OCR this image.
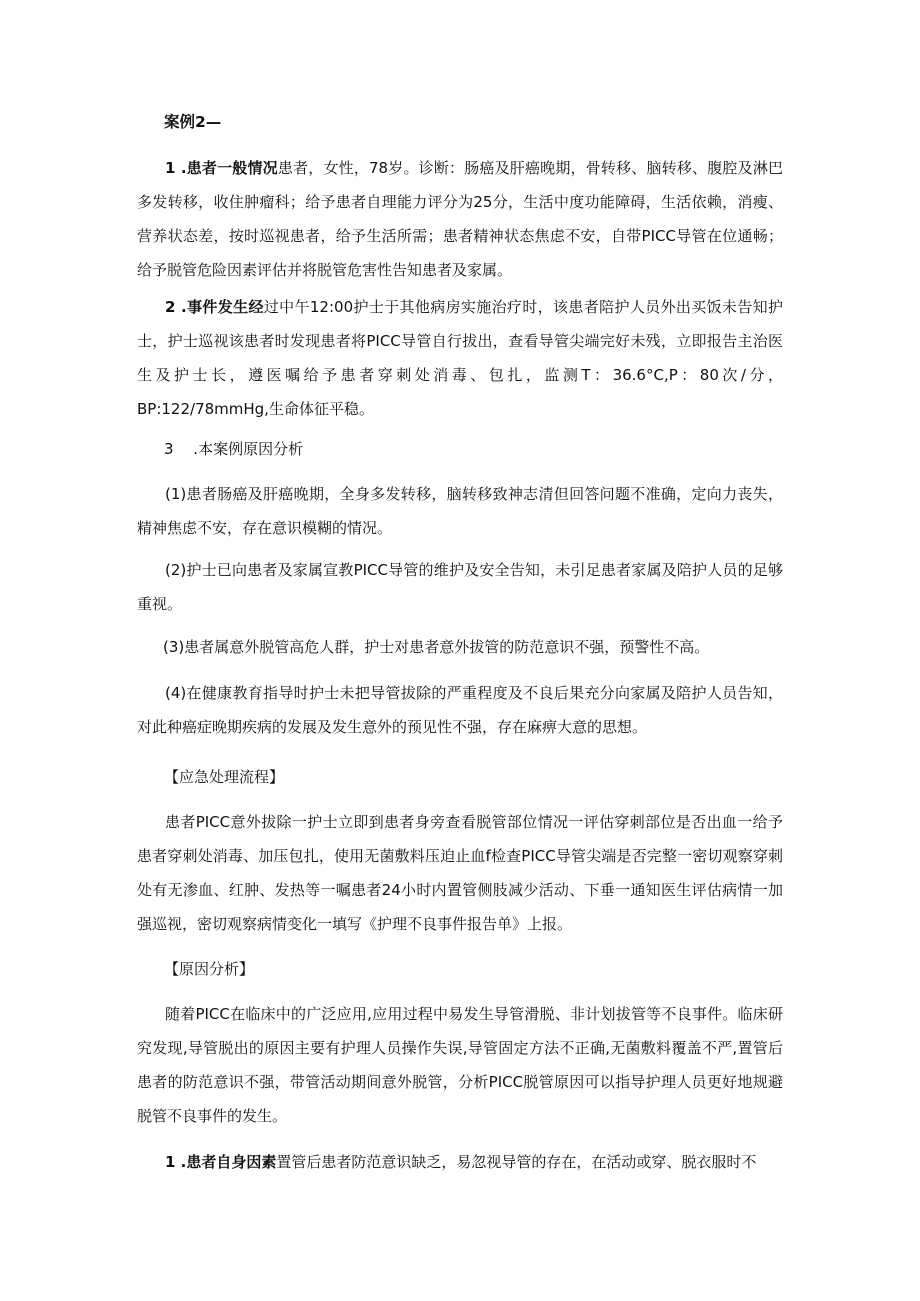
案例2—

1 .患者一般情况患者，女性，78岁。诊断：肠癌及肝癌晚期，骨转移、脑转移、腹腔及淋巴多发转移，收住肿瘤科；给予患者自理能力评分为25分，生活中度功能障碍，生活依赖，消瘦、营养状态差，按时巡视患者，给予生活所需；患者精神状态焦虑不安，自带PICC导管在位通畅；给予脱管危险因素评估并将脱管危害性告知患者及家属。

2 .事件发生经过中午12:00护士于其他病房实施治疗时，该患者陪护人员外出买饭未告知护士，护士巡视该患者时发现患者将PICC导管自行拔出，查看导管尖端完好未残，立即报告主治医生及护士长，遵医嘱给予患者穿刺处消毒、包扎，监测T：36.6°C,P：80次/分，BP:122/78mmHg,生命体征平稳。

3　 .本案例原因分析

(1)患者肠癌及肝癌晚期，全身多发转移，脑转移致神志清但回答问题不准确，定向力丧失，精神焦虑不安，存在意识模糊的情况。

(2)护士已向患者及家属宣教PICC导管的维护及安全告知，未引足患者家属及陪护人员的足够重视。

(3)患者属意外脱管高危人群，护士对患者意外拔管的防范意识不强，预警性不高。

(4)在健康教育指导时护士未把导管拔除的严重程度及不良后果充分向家属及陪护人员告知，对此种癌症晚期疾病的发展及发生意外的预见性不强，存在麻痹大意的思想。

【应急处理流程】

患者PICC意外拔除一护士立即到患者身旁查看脱管部位情况一评估穿刺部位是否出血一给予患者穿刺处消毒、加压包扎，使用无菌敷料压迫止血f检查PICC导管尖端是否完整一密切观察穿刺处有无渗血、红肿、发热等一嘱患者24小时内置管侧肢减少活动、下垂一通知医生评估病情一加强巡视，密切观察病情变化一填写《护理不良事件报告单》上报。

【原因分析】

随着PICC在临床中的广泛应用,应用过程中易发生导管滑脱、非计划拔管等不良事件。临床研究发现,导管脱出的原因主要有护理人员操作失误,导管固定方法不正确,无菌敷料覆盖不严,置管后患者的防范意识不强，带管活动期间意外脱管，分析PICC脱管原因可以指导护理人员更好地规避脱管不良事件的发生。

1 .患者自身因素置管后患者防范意识缺乏，易忽视导管的存在，在活动或穿、脱衣服时不
